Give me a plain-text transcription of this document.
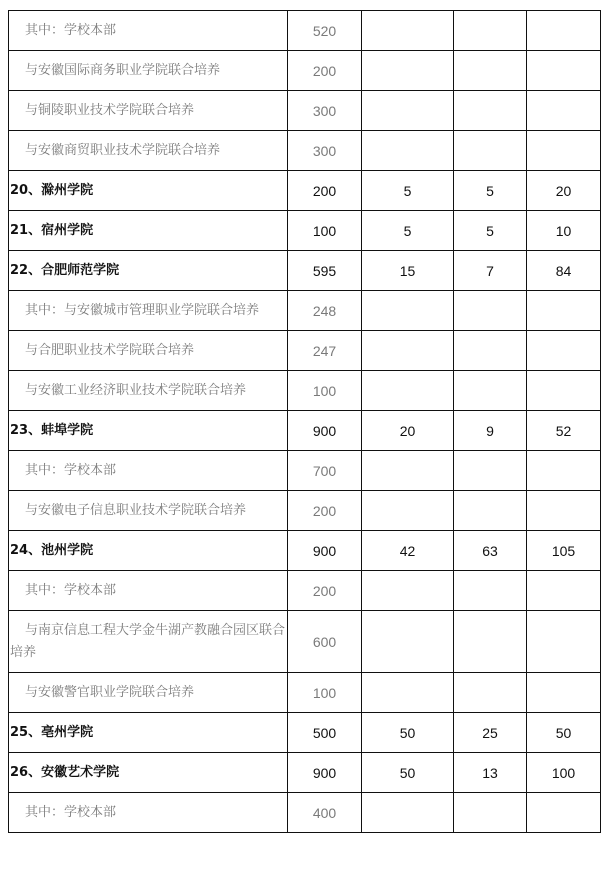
其中：学校本部	520			

与安徽国际商务职业学院联合培养	200			

与铜陵职业技术学院联合培养	300			

与安徽商贸职业技术学院联合培养	300			
20、滁州学院	200	5	5	20
21、宿州学院	100	5	5	10
22、合肥师范学院	595	15	7	84

其中：与安徽城市管理职业学院联合培养	248			

与合肥职业技术学院联合培养	247			

与安徽工业经济职业技术学院联合培养	100			
23、蚌埠学院	900	20	9	52

其中：学校本部	700			

与安徽电子信息职业技术学院联合培养	200			
24、池州学院	900	42	63	105

其中：学校本部	200			

与南京信息工程大学金牛湖产教融合园区联合培养	600			

与安徽警官职业学院联合培养	100			
25、亳州学院	500	50	25	50
26、安徽艺术学院	900	50	13	100

其中：学校本部	400			
